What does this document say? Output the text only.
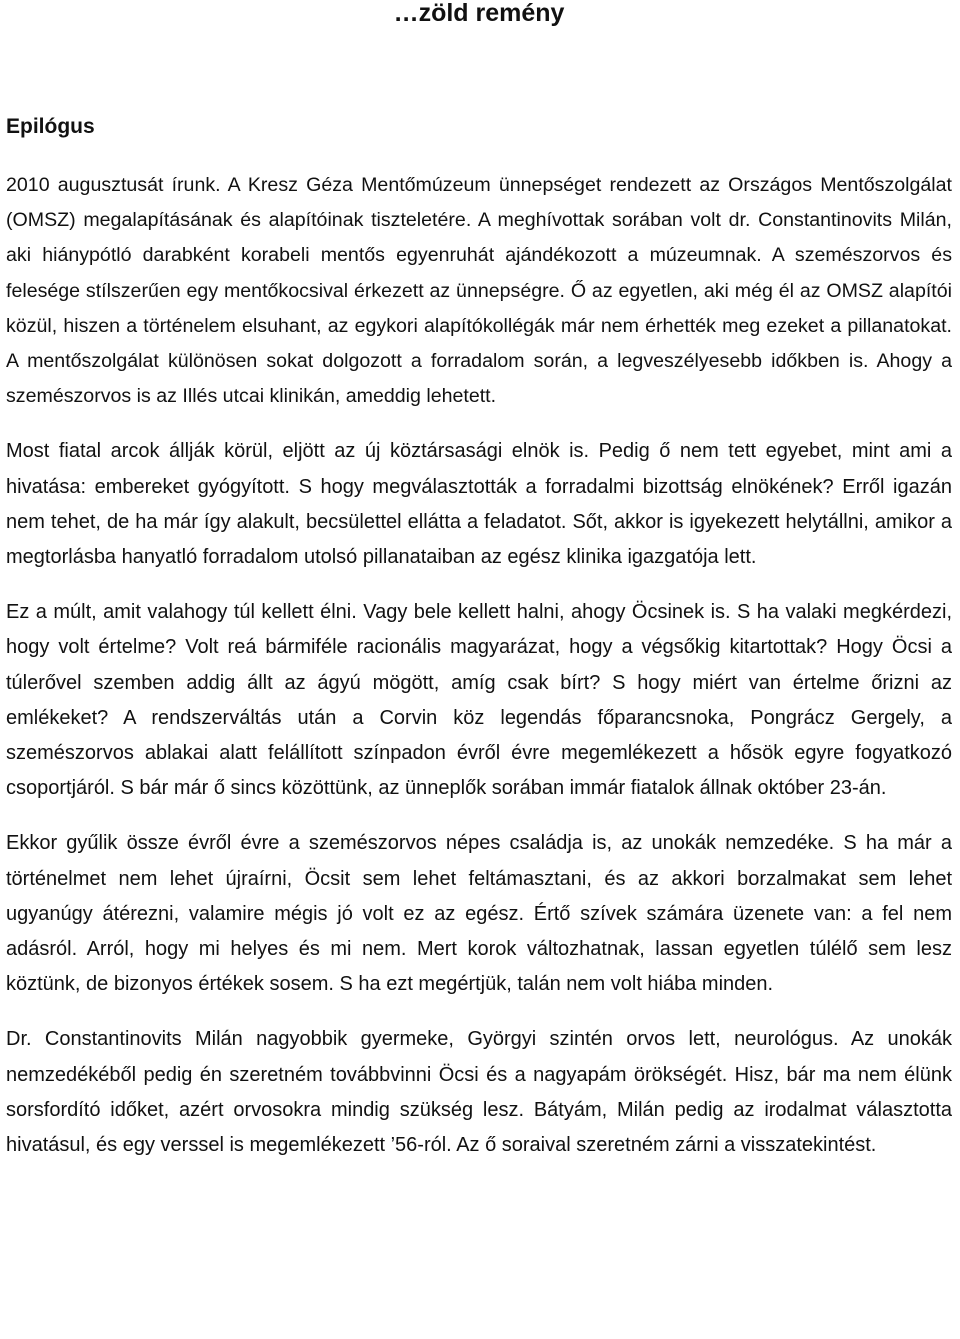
…zöld remény
Epilógus

2010 augusztusát írunk. A Kresz Géza Mentőmúzeum ünnepséget rendezett az Országos Mentőszolgálat (OMSZ) megalapításának és alapítóinak tiszteletére. A meghívottak sorában volt dr. Constantinovits Milán, aki hiánypótló darabként korabeli mentős egyenruhát ajándékozott a múzeumnak. A szemészorvos és felesége stílszerűen egy mentőkocsival érkezett az ünnepségre. Ő az egyetlen, aki még él az OMSZ alapítói közül, hiszen a történelem elsuhant, az egykori alapítókollégák már nem érhették meg ezeket a pillanatokat. A mentőszolgálat különösen sokat dolgozott a forradalom során, a legveszélyesebb időkben is. Ahogy a szemészorvos is az Illés utcai klinikán, ameddig lehetett.

Most fiatal arcok állják körül, eljött az új köztársasági elnök is. Pedig ő nem tett egyebet, mint ami a hivatása: embereket gyógyított. S hogy megválasztották a forradalmi bizottság elnökének? Erről igazán nem tehet, de ha már így alakult, becsülettel ellátta a feladatot. Sőt, akkor is igyekezett helytállni, amikor a megtorlásba hanyatló forradalom utolsó pillanataiban az egész klinika igazgatója lett.

Ez a múlt, amit valahogy túl kellett élni. Vagy bele kellett halni, ahogy Öcsinek is. S ha valaki megkérdezi, hogy volt értelme? Volt reá bármiféle racionális magyarázat, hogy a végsőkig kitartottak? Hogy Öcsi a túlerővel szemben addig állt az ágyú mögött, amíg csak bírt? S hogy miért van értelme őrizni az emlékeket? A rendszerváltás után a Corvin köz legendás főparancsnoka, Pongrácz Gergely, a szemészorvos ablakai alatt felállított színpadon évről évre megemlékezett a hősök egyre fogyatkozó csoportjáról. S bár már ő sincs közöttünk, az ünneplők sorában immár fiatalok állnak október 23-án.

Ekkor gyűlik össze évről évre a szemészorvos népes családja is, az unokák nemzedéke. S ha már a történelmet nem lehet újraírni, Öcsit sem lehet feltámasztani, és az akkori borzalmakat sem lehet ugyanúgy átérezni, valamire mégis jó volt ez az egész. Értő szívek számára üzenete van: a fel nem adásról. Arról, hogy mi helyes és mi nem. Mert korok változhatnak, lassan egyetlen túlélő sem lesz köztünk, de bizonyos értékek sosem. S ha ezt megértjük, talán nem volt hiába minden.

Dr. Constantinovits Milán nagyobbik gyermeke, Györgyi szintén orvos lett, neurológus. Az unokák nemzedékéből pedig én szeretném továbbvinni Öcsi és a nagyapám örökségét. Hisz, bár ma nem élünk sorsfordító időket, azért orvosokra mindig szükség lesz. Bátyám, Milán pedig az irodalmat választotta hivatásul, és egy verssel is megemlékezett ’56-ról. Az ő soraival szeretném zárni a visszatekintést.
